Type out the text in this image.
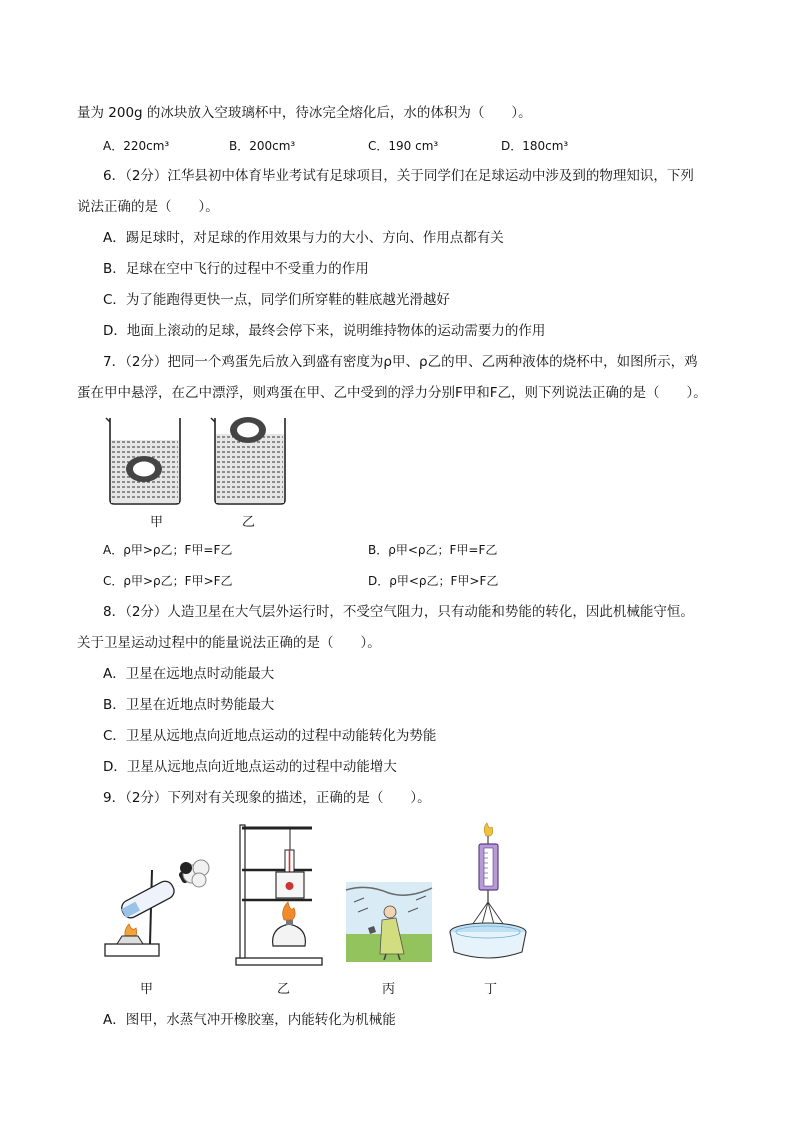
量为 200g 的冰块放入空玻璃杯中，待冰完全熔化后，水的体积为（　　）。
A．220cm³	B．200cm³	C．190 cm³	D．180cm³
6．（2分）江华县初中体育毕业考试有足球项目，关于同学们在足球运动中涉及到的物理知识，下列
说法正确的是（　　）。
A．踢足球时，对足球的作用效果与力的大小、方向、作用点都有关
B．足球在空中飞行的过程中不受重力的作用
C．为了能跑得更快一点，同学们所穿鞋的鞋底越光滑越好
D．地面上滚动的足球，最终会停下来，说明维持物体的运动需要力的作用
7．（2分）把同一个鸡蛋先后放入到盛有密度为ρ甲、ρ乙的甲、乙两种液体的烧杯中，如图所示，鸡
蛋在甲中悬浮，在乙中漂浮，则鸡蛋在甲、乙中受到的浮力分别F甲和F乙，则下列说法正确的是（　　）。
甲	乙
A．ρ甲>ρ乙；F甲=F乙	B．ρ甲<ρ乙；F甲=F乙
C．ρ甲>ρ乙；F甲>F乙	D．ρ甲<ρ乙；F甲>F乙
8．（2分）人造卫星在大气层外运行时，不受空气阻力，只有动能和势能的转化，因此机械能守恒。
关于卫星运动过程中的能量说法正确的是（　　）。
A．卫星在远地点时动能最大
B．卫星在近地点时势能最大
C．卫星从远地点向近地点运动的过程中动能转化为势能
D．卫星从远地点向近地点运动的过程中动能增大
9．（2分）下列对有关现象的描述，正确的是（　　）。
甲	乙	丙	丁
A．图甲，水蒸气冲开橡胶塞，内能转化为机械能
